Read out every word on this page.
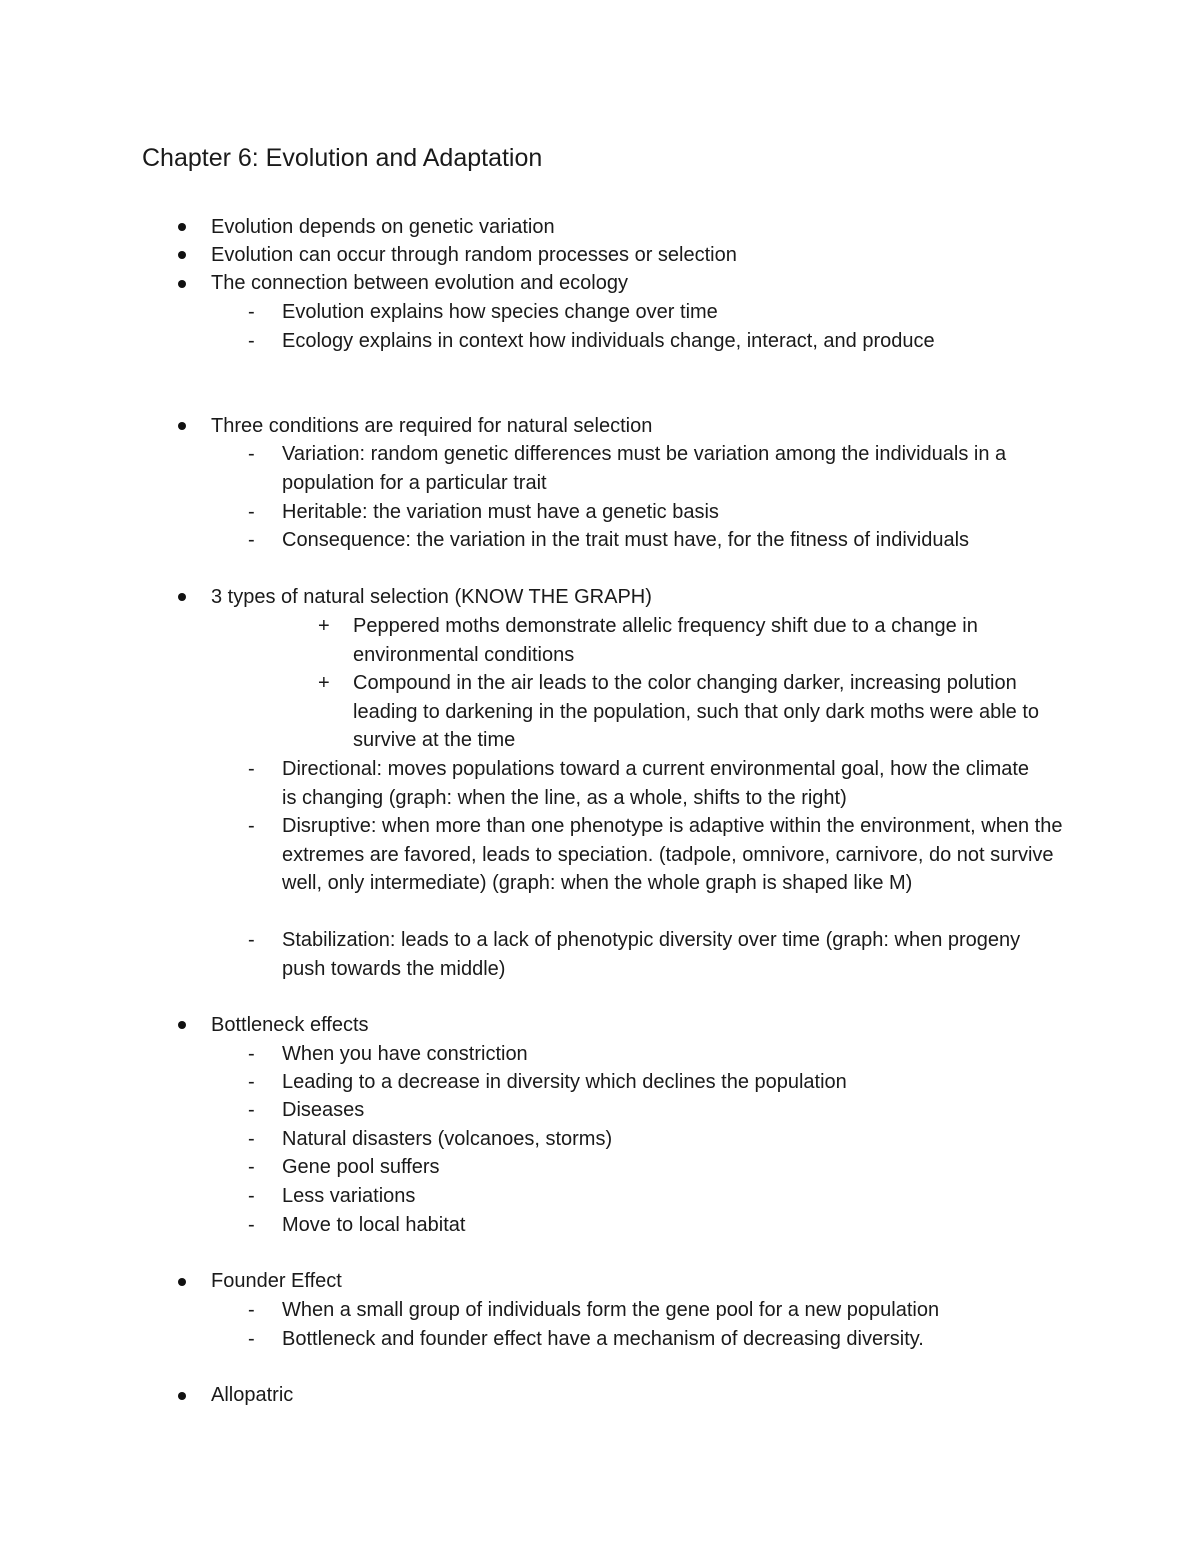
Chapter 6: Evolution and Adaptation
Evolution depends on genetic variation
Evolution can occur through random processes or selection
The connection between evolution and ecology
- Evolution explains how species change over time
- Ecology explains in context how individuals change, interact, and produce
Three conditions are required for natural selection
- Variation: random genetic differences must be variation among the individuals in a population for a particular trait
- Heritable: the variation must have a genetic basis
- Consequence: the variation in the trait must have, for the fitness of individuals
3 types of natural selection (KNOW THE GRAPH)
+ Peppered moths demonstrate allelic frequency shift due to a change in environmental conditions
+ Compound in the air leads to the color changing darker, increasing polution leading to darkening in the population, such that only dark moths were able to survive at the time
- Directional: moves populations toward a current environmental goal, how the climate is changing (graph: when the line, as a whole, shifts to the right)
- Disruptive: when more than one phenotype is adaptive within the environment, when the extremes are favored, leads to speciation. (tadpole, omnivore, carnivore, do not survive well, only intermediate) (graph: when the whole graph is shaped like M)
- Stabilization: leads to a lack of phenotypic diversity over time (graph: when progeny push towards the middle)
Bottleneck effects
- When you have constriction
- Leading to a decrease in diversity which declines the population
- Diseases
- Natural disasters (volcanoes, storms)
- Gene pool suffers
- Less variations
- Move to local habitat
Founder Effect
- When a small group of individuals form the gene pool for a new population
- Bottleneck and founder effect have a mechanism of decreasing diversity.
Allopatric
